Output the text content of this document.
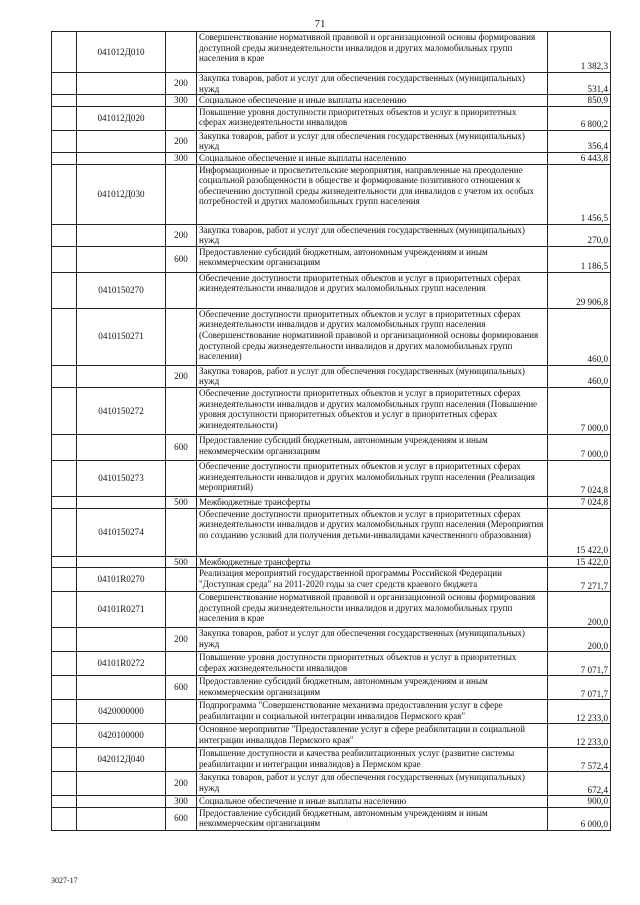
71
	041012Д010		Совершенствование нормативной правовой и организационной основы формирования доступной среды жизнедеятельности инвалидов и других маломобильных групп населения в крае	1 382,3
		200	Закупка товаров, работ и услуг для обеспечения государственных (муниципальных) нужд	531,4
		300	Социальное обеспечение и иные выплаты населению	850,9
	041012Д020		Повышение уровня доступности приоритетных объектов и услуг в приоритетных сферах жизнедеятельности инвалидов	6 800,2
		200	Закупка товаров, работ и услуг для обеспечения государственных (муниципальных) нужд	356,4
		300	Социальное обеспечение и иные выплаты населению	6 443,8
	041012Д030		Информационные и просветительские мероприятия, направленные на преодоление социальной разобщенности в обществе и формирование позитивного отношения к обеспечению доступной среды жизнедеятельности для инвалидов с учетом их особых потребностей и других маломобильных групп населения	1 456,5
		200	Закупка товаров, работ и услуг для обеспечения государственных (муниципальных) нужд	270,0
		600	Предоставление субсидий бюджетным, автономным учреждениям и иным некоммерческим организациям	1 186,5
	0410150270		Обеспечение доступности приоритетных объектов и услуг в приоритетных сферах жизнедеятельности инвалидов и других маломобильных групп населения	29 906,8
	0410150271		Обеспечение доступности приоритетных объектов и услуг в приоритетных сферах жизнедеятельности инвалидов и других маломобильных групп населения (Совершенствование нормативной правовой и организационной основы формирования доступной среды жизнедеятельности инвалидов и других маломобильных групп населения)	460,0
		200	Закупка товаров, работ и услуг для обеспечения государственных (муниципальных) нужд	460,0
	0410150272		Обеспечение доступности приоритетных объектов и услуг в приоритетных сферах жизнедеятельности инвалидов и других маломобильных групп населения (Повышение уровня доступности приоритетных объектов и услуг в приоритетных сферах жизнедеятельности)	7 000,0
		600	Предоставление субсидий бюджетным, автономным учреждениям и иным некоммерческим организациям	7 000,0
	0410150273		Обеспечение доступности приоритетных объектов и услуг в приоритетных сферах жизнедеятельности инвалидов и других маломобильных групп населения (Реализация мероприятий)	7 024,8
		500	Межбюджетные трансферты	7 024,8
	0410150274		Обеспечение доступности приоритетных объектов и услуг в приоритетных сферах жизнедеятельности инвалидов и других маломобильных групп населения (Мероприятия по созданию условий для получения детьми-инвалидами качественного образования)	15 422,0
		500	Межбюджетные трансферты	15 422,0
	04101R0270		Реализация мероприятий государственной программы Российской Федерации "Доступная среда" на 2011-2020 годы за счет средств краевого бюджета	7 271,7
	04101R0271		Совершенствование нормативной правовой и организационной основы формирования доступной среды жизнедеятельности инвалидов и других маломобильных групп населения в крае	200,0
		200	Закупка товаров, работ и услуг для обеспечения государственных (муниципальных) нужд	200,0
	04101R0272		Повышение уровня доступности приоритетных объектов и услуг в приоритетных сферах жизнедеятельности инвалидов	7 071,7
		600	Предоставление субсидий бюджетным, автономным учреждениям и иным некоммерческим организациям	7 071,7
	0420000000		Подпрограмма "Совершенствование механизма предоставления услуг в сфере реабилитации и социальной интеграции инвалидов Пермского края"	12 233,0
	0420100000		Основное мероприятие "Предоставление услуг в сфере реабилитации и социальной интеграции инвалидов Пермского края"	12 233,0
	042012Д040		Повышение доступности и качества реабилитационных услуг (развитие системы реабилитации и интеграции инвалидов) в Пермском крае	7 572,4
		200	Закупка товаров, работ и услуг для обеспечения государственных (муниципальных) нужд	672,4
		300	Социальное обеспечение и иные выплаты населению	900,0
		600	Предоставление субсидий бюджетным, автономным учреждениям и иным некоммерческим организациям	6 000,0
3027-17
